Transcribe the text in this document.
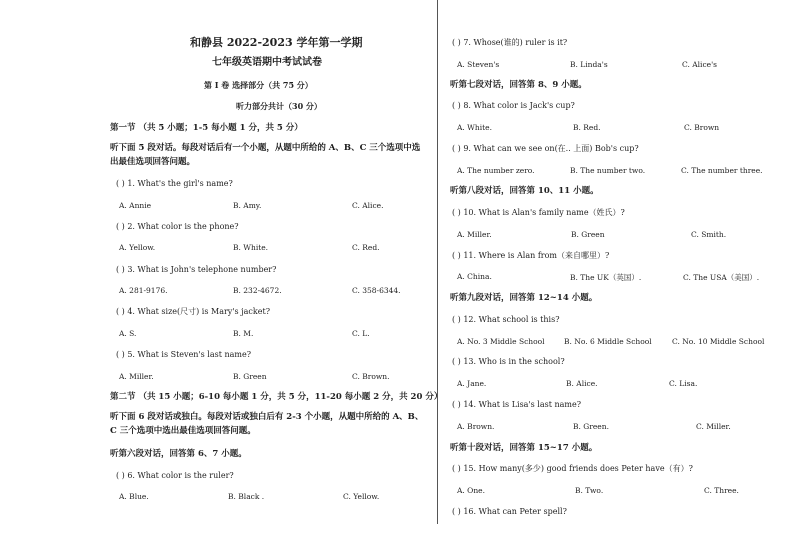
和静县 2022-2023 学年第一学期
七年级英语期中考试试卷
第 I 卷 选择部分（共 75 分）
听力部分共计（30 分）
第一节 （共 5 小题；1-5 每小题 1 分，共 5 分）
听下面 5 段对话。每段对话后有一个小题，从题中所给的 A、B、C 三个选项中选出最佳选项回答问题。
( ) 1. What's the girl's name?
A. Annie	B. Amy.	C. Alice.
( ) 2. What color is the phone?
A. Yellow.	B. White.	C. Red.
( ) 3. What is John's telephone number?
A. 281-9176.	B. 232-4672.	C. 358-6344.
( ) 4. What size(尺寸) is Mary's jacket?
A. S.	B. M.	C. L.
( ) 5. What is Steven's last name?
A. Miller.	B. Green	C. Brown.
第二节 （共 15 小题；6-10 每小题 1 分，共 5 分，11-20 每小题 2 分，共 20 分）
听下面 6 段对话或独白。每段对话或独白后有 2-3 个小题，从题中所给的 A、B、C 三个选项中选出最佳选项回答问题。
听第六段对话，回答第 6、7 小题。
( ) 6. What color is the ruler?
A. Blue.	B. Black .	C. Yellow.
( ) 7. Whose(谁的) ruler is it?
A. Steven's	B. Linda's	C. Alice's
听第七段对话，回答第 8、9 小题。
( ) 8. What color is Jack's cup?
A. White.	B. Red.	C. Brown
( ) 9. What can we see on(在.. 上面) Bob's cup?
A. The number zero.	B. The number two.	C. The number three.
听第八段对话，回答第 10、11 小题。
( ) 10. What is Alan's family name（姓氏）?
A. Miller.	B. Green	C. Smith.
( ) 11. Where is Alan from（来自哪里）?
A. China.	B. The UK（英国）.	C. The USA（美国）.
听第九段对话，回答第 12~14 小题。
( ) 12. What school is this?
A. No. 3 Middle School	B. No. 6 Middle School	C. No. 10 Middle School
( ) 13. Who is in the school?
A. Jane.	B. Alice.	C. Lisa.
( ) 14. What is Lisa's last name?
A. Brown.	B. Green.	C. Miller.
听第十段对话，回答第 15~17 小题。
( ) 15. How many(多少) good friends does Peter have（有）?
A. One.	B. Two.	C. Three.
( ) 16. What can Peter spell?
